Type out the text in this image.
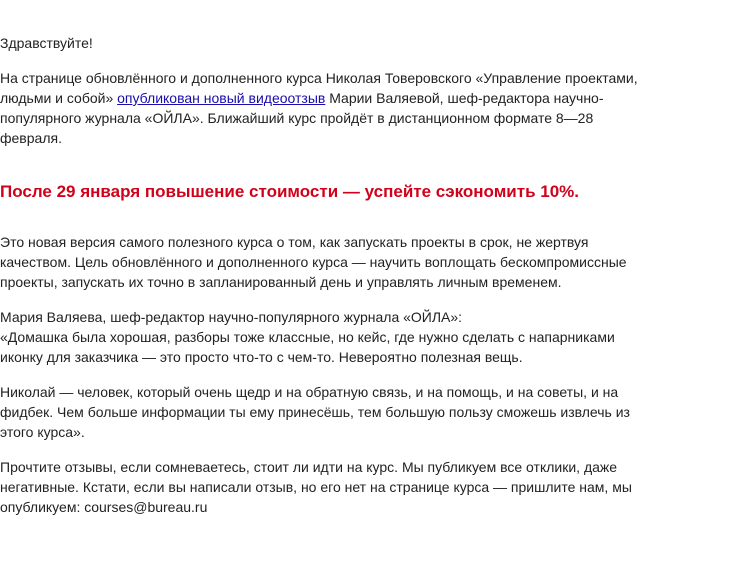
Здравствуйте!

На странице обновлённого и дополненного курса Николая Товеровского «Управление проектами, людьми и собой» опубликован новый видеоотзыв Марии Валяевой, шеф-редактора научно-популярного журнала «ОЙЛА». Ближайший курс пройдёт в дистанционном формате 8—28 февраля.

После 29 января повышение стоимости — успейте сэкономить 10%.

Это новая версия самого полезного курса о том, как запускать проекты в срок, не жертвуя качеством. Цель обновлённого и дополненного курса — научить воплощать бескомпромиссные проекты, запускать их точно в запланированный день и управлять личным временем.

Мария Валяева, шеф-редактор научно-популярного журнала «ОЙЛА»:
«Домашка была хорошая, разборы тоже классные, но кейс, где нужно сделать с напарниками иконку для заказчика — это просто что-то с чем-то. Невероятно полезная вещь.

Николай — человек, который очень щедр и на обратную связь, и на помощь, и на советы, и на фидбек. Чем больше информации ты ему принесёшь, тем большую пользу сможешь извлечь из этого курса».

Прочтите отзывы, если сомневаетесь, стоит ли идти на курс. Мы публикуем все отклики, даже негативные. Кстати, если вы написали отзыв, но его нет на странице курса — пришлите нам, мы опубликуем: courses@bureau.ru
